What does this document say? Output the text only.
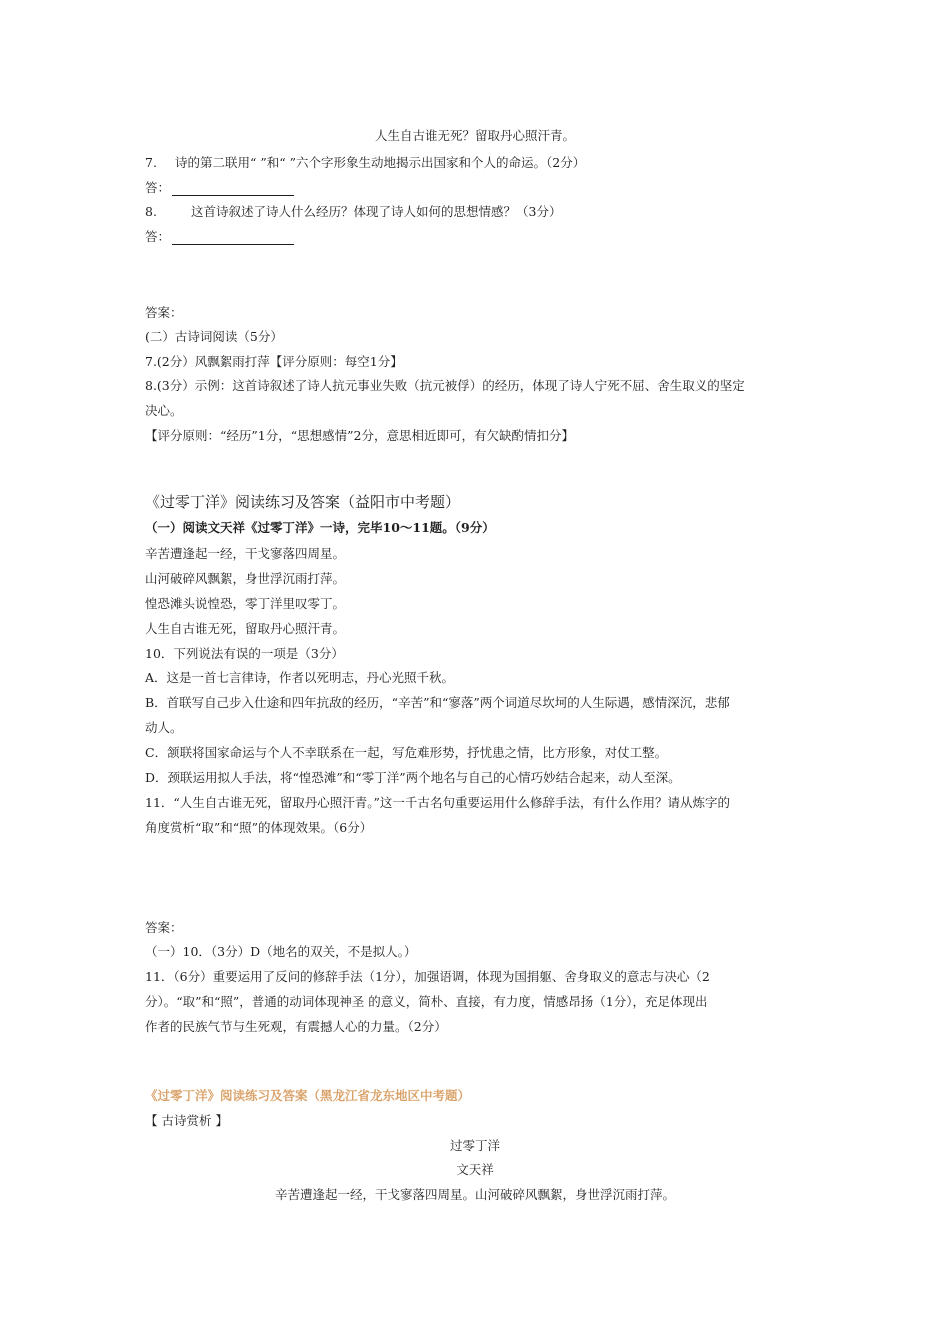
人生自古谁无死？留取丹心照汗青。
7. 诗的第二联用“ ”和“ ”六个字形象生动地揭示出国家和个人的命运。（2分）
答：
8.	这首诗叙述了诗人什么经历？体现了诗人如何的思想情感？（3分）
答：
答案：
(二）古诗词阅读（5分）
7.(2分）风飘絮雨打萍【评分原则：每空1分】
8.(3分）示例：这首诗叙述了诗人抗元事业失败（抗元被俘）的经历，体现了诗人宁死不屈、舍生取义的坚定
决心。
【评分原则：“经历”1分，“思想感情”2分，意思相近即可，有欠缺酌情扣分】
《过零丁洋》阅读练习及答案（益阳市中考题）
（一）阅读文天祥《过零丁洋》一诗，完毕10～11题。（9分）
辛苦遭逢起一经，干戈寥落四周星。
山河破碎风飘絮，身世浮沉雨打萍。
惶恐滩头说惶恐，零丁洋里叹零丁。
人生自古谁无死，留取丹心照汗青。
10．下列说法有误的一项是（3分）
A．这是一首七言律诗，作者以死明志，丹心光照千秋。
B．首联写自己步入仕途和四年抗敌的经历，“辛苦”和“寥落”两个词道尽坎坷的人生际遇，感情深沉，悲郁
动人。
C．颔联将国家命运与个人不幸联系在一起，写危难形势，抒忧患之情，比方形象，对仗工整。
D．颈联运用拟人手法，将“惶恐滩”和“零丁洋”两个地名与自己的心情巧妙结合起来，动人至深。
11．“人生自古谁无死，留取丹心照汗青。”这一千古名句重要运用什么修辞手法，有什么作用？请从炼字的
角度赏析“取”和“照”的体现效果。（6分）
答案：
（一）10．（3分）D（地名的双关，不是拟人。）
11．（6分）重要运用了反问的修辞手法（1分），加强语调，体现为国捐躯、舍身取义的意志与决心（2
分）。“取”和“照”，普通的动词体现神圣 的意义，简朴、直接，有力度，情感昂扬（1分），充足体现出
作者的民族气节与生死观，有震撼人心的力量。（2分）
《过零丁洋》阅读练习及答案（黑龙江省龙东地区中考题）
【 古诗赏析 】
过零丁洋
文天祥
辛苦遭逢起一经，干戈寥落四周星。山河破碎风飘絮，身世浮沉雨打萍。
